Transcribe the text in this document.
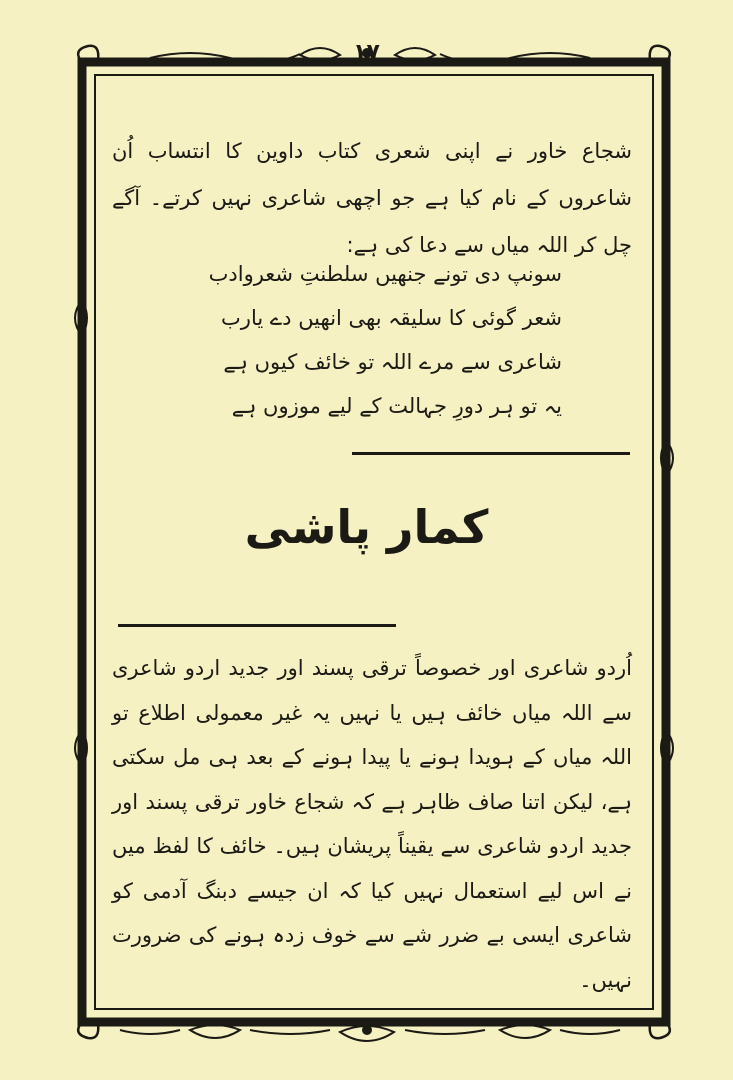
۱۷

شجاع خاور نے اپنی شعری کتاب داوین کا انتساب اُن شاعروں کے نام کیا ہے جو اچھی شاعری نہیں کرتے۔ آگے چل کر اللہ میاں سے دعا کی ہے:

سونپ دی تونے جنھیں سلطنتِ شعروادب
شعر گوئی کا سلیقہ بھی انھیں دے یارب
شاعری سے مرے اللہ تو خائف کیوں ہے
یہ تو ہر دورِ جہالت کے لیے موزوں ہے
کمار پاشی

اُردو شاعری اور خصوصاً ترقی پسند اور جدید اردو شاعری سے اللہ میاں خائف ہیں یا نہیں یہ غیر معمولی اطلاع تو اللہ میاں کے ہویدا ہونے یا پیدا ہونے کے بعد ہی مل سکتی ہے، لیکن اتنا صاف ظاہر ہے کہ شجاع خاور ترقی پسند اور جدید اردو شاعری سے یقیناً پریشان ہیں۔ خائف کا لفظ میں نے اس لیے استعمال نہیں کیا کہ ان جیسے دبنگ آدمی کو شاعری ایسی بے ضرر شے سے خوف زدہ ہونے کی ضرورت نہیں۔
